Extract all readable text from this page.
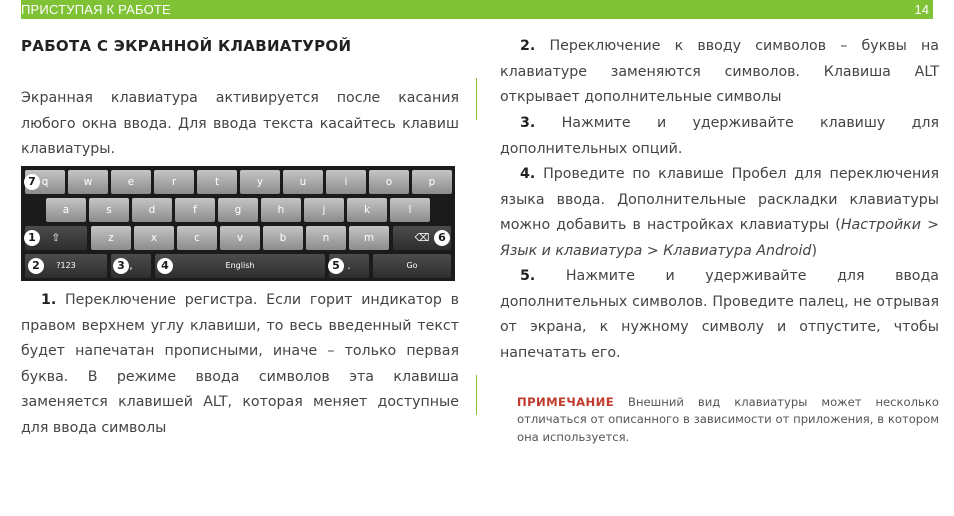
ПРИСТУПАЯ К РАБОТЕ	14
РАБОТА С ЭКРАННОЙ КЛАВИАТУРОЙ
Экранная клавиатура активируется после касания любого окна ввода. Для ввода текста касайтесь клавиш клавиатуры.
q	w	e	r	t	y	u	i	o	p
7
a	s	d	f	g	h	j	k	l
⇧	z	x	c	v	b	n	m	⌫
1	6
?123	,	English	.	Go
2	3	4	5
1. Переключение регистра. Если горит индикатор в правом верхнем углу клавиши, то весь введенный текст будет напечатан прописными, иначе – только первая буква. В режиме ввода символов эта клавиша заменяется клавишей ALT, которая меняет доступные для ввода символы
2. Переключение к вводу символов – буквы на клавиатуре заменяются символов. Клавиша ALT открывает дополнительные символы
3. Нажмите и удерживайте клавишу для дополнительных опций.
4. Проведите по клавише Пробел для переключения языка ввода. Дополнительные раскладки клавиатуры можно добавить в настройках клавиатуры (Настройки > Язык и клавиатура > Клавиатура Android)
5. Нажмите и удерживайте для ввода дополнительных символов. Проведите палец, не отрывая от экрана, к нужному символу и отпустите, чтобы напечатать его.
ПРИМЕЧАНИЕ Внешний вид клавиатуры может несколько отличаться от описанного в зависимости от приложения, в котором она используется.
